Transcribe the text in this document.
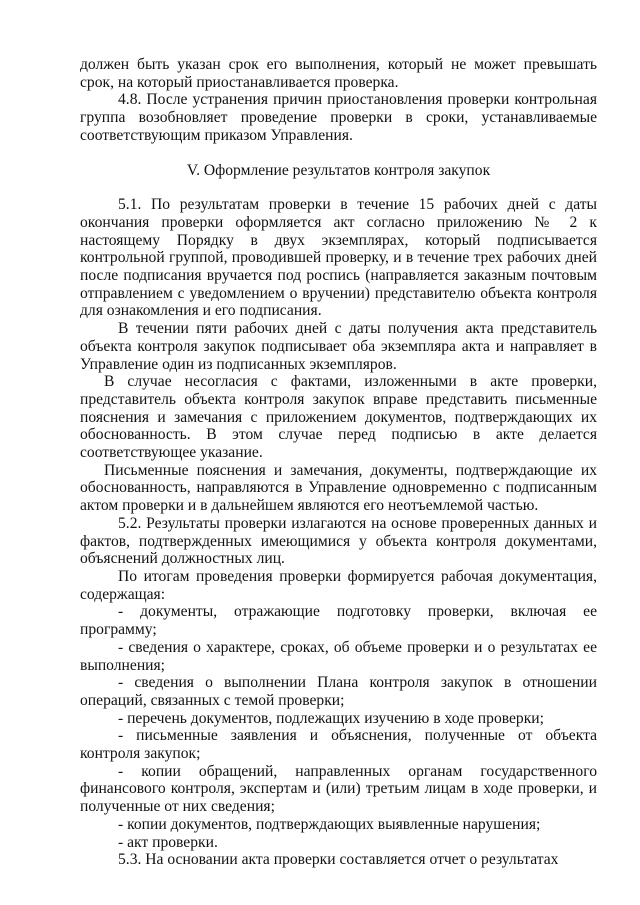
должен быть указан срок его выполнения, который не может превышать срок, на который приостанавливается проверка.

4.8. После устранения причин приостановления проверки контрольная группа возобновляет проведение проверки в сроки, устанавливаемые соответствующим приказом Управления.

V. Оформление результатов контроля закупок

5.1. По результатам проверки в течение 15 рабочих дней с даты окончания проверки оформляется акт согласно приложению № 2 к настоящему Порядку в двух экземплярах, который подписывается контрольной группой, проводившей проверку, и в течение трех рабочих дней после подписания вручается под роспись (направляется заказным почтовым отправлением с уведомлением о вручении) представителю объекта контроля для ознакомления и его подписания.

В течении пяти рабочих дней с даты получения акта представитель объекта контроля закупок подписывает оба экземпляра акта и направляет в Управление один из подписанных экземпляров.

В случае несогласия с фактами, изложенными в акте проверки, представитель объекта контроля закупок вправе представить письменные пояснения и замечания с приложением документов, подтверждающих их обоснованность. В этом случае перед подписью в акте делается соответствующее указание.

Письменные пояснения и замечания, документы, подтверждающие их обоснованность, направляются в Управление одновременно с подписанным актом проверки и в дальнейшем являются его неотъемлемой частью.

5.2. Результаты проверки излагаются на основе проверенных данных и фактов, подтвержденных имеющимися у объекта контроля документами, объяснений должностных лиц.

По итогам проведения проверки формируется рабочая документация, содержащая:

- документы, отражающие подготовку проверки, включая ее программу;

- сведения о характере, сроках, об объеме проверки и о результатах ее выполнения;

- сведения о выполнении Плана контроля закупок в отношении операций, связанных с темой проверки;

- перечень документов, подлежащих изучению в ходе проверки;

- письменные заявления и объяснения, полученные от объекта контроля закупок;

- копии обращений, направленных органам государственного финансового контроля, экспертам и (или) третьим лицам в ходе проверки, и полученные от них сведения;

- копии документов, подтверждающих выявленные нарушения;

- акт проверки.

5.3. На основании акта проверки составляется отчет о результатах
